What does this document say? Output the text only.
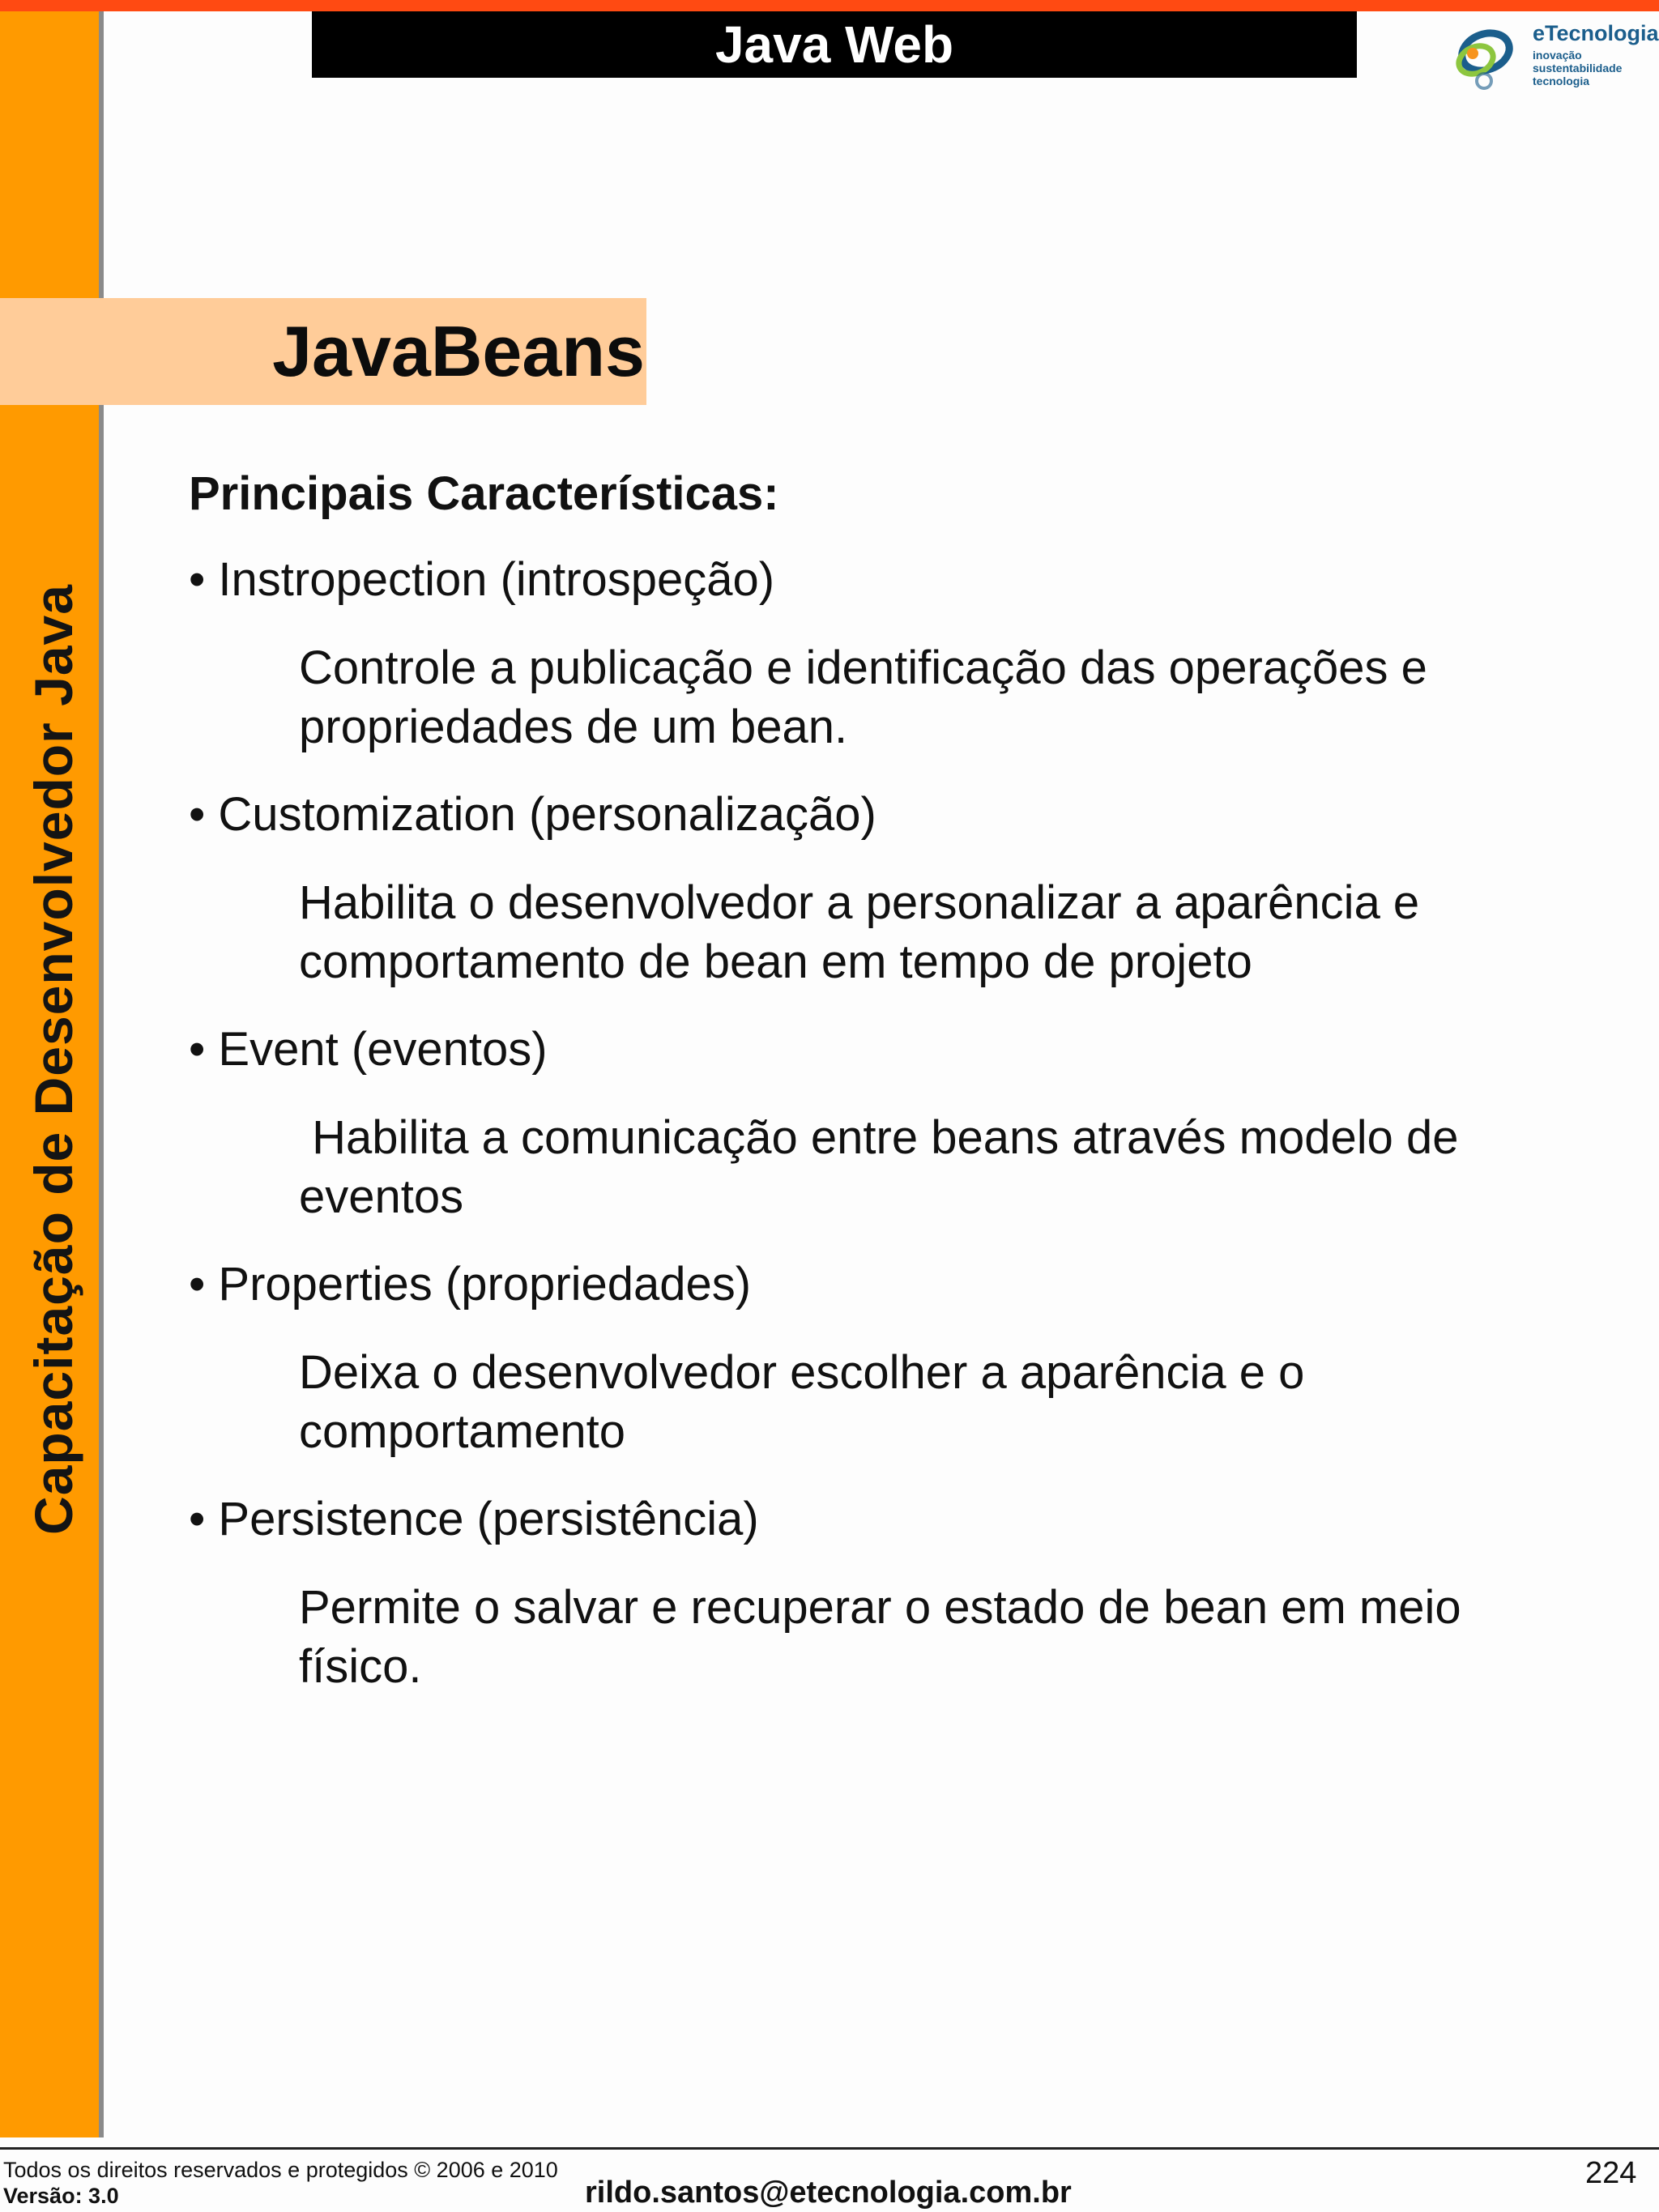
Capacitação de Desenvolvedor Java
Java Web	eTecnologia
inovação
sustentabilidade
tecnologia
JavaBeans
Principais Características:
• Instropection (introspeção)
Controle a publicação e identificação das operações e propriedades de um bean.
• Customization (personalização)
Habilita o desenvolvedor a personalizar a aparência e comportamento de bean em tempo de projeto
• Event (eventos)
Habilita a comunicação entre beans através modelo de eventos
• Properties (propriedades)
Deixa o desenvolvedor escolher a aparência e o comportamento
• Persistence (persistência)
Permite o salvar e recuperar o estado de bean em meio físico.
Todos os direitos reservados e protegidos © 2006 e 2010
Versão: 3.0	rildo.santos@etecnologia.com.br
224
